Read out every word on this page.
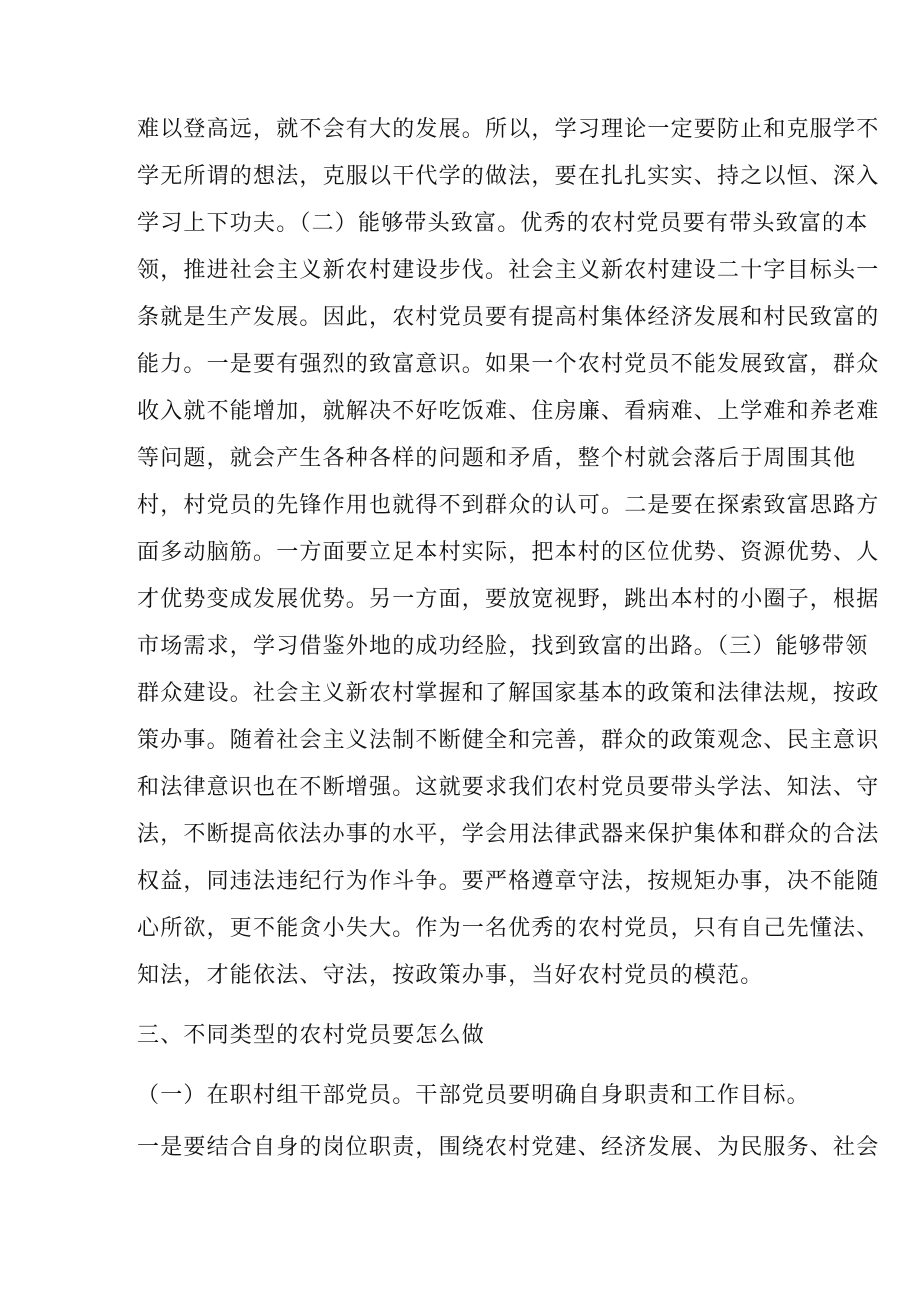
难以登高远，就不会有大的发展。所以，学习理论一定要防止和克服学不
学无所谓的想法，克服以干代学的做法，要在扎扎实实、持之以恒、深入
学习上下功夫。（二）能够带头致富。优秀的农村党员要有带头致富的本
领，推进社会主义新农村建设步伐。社会主义新农村建设二十字目标头一
条就是生产发展。因此，农村党员要有提高村集体经济发展和村民致富的
能力。一是要有强烈的致富意识。如果一个农村党员不能发展致富，群众
收入就不能增加，就解决不好吃饭难、住房廉、看病难、上学难和养老难
等问题，就会产生各种各样的问题和矛盾，整个村就会落后于周围其他
村，村党员的先锋作用也就得不到群众的认可。二是要在探索致富思路方
面多动脑筋。一方面要立足本村实际，把本村的区位优势、资源优势、人
才优势变成发展优势。另一方面，要放宽视野，跳出本村的小圈子，根据
市场需求，学习借鉴外地的成功经脸，找到致富的出路。（三）能够带领
群众建设。社会主义新农村掌握和了解国家基本的政策和法律法规，按政
策办事。随着社会主义法制不断健全和完善，群众的政策观念、民主意识
和法律意识也在不断增强。这就要求我们农村党员要带头学法、知法、守
法，不断提高依法办事的水平，学会用法律武器来保护集体和群众的合法
权益，同违法违纪行为作斗争。要严格遵章守法，按规矩办事，决不能随
心所欲，更不能贪小失大。作为一名优秀的农村党员，只有自己先懂法、
知法，才能依法、守法，按政策办事，当好农村党员的模范。
三、不同类型的农村党员要怎么做
（一）在职村组干部党员。干部党员要明确自身职责和工作目标。
一是要结合自身的岗位职责，围绕农村党建、经济发展、为民服务、社会
